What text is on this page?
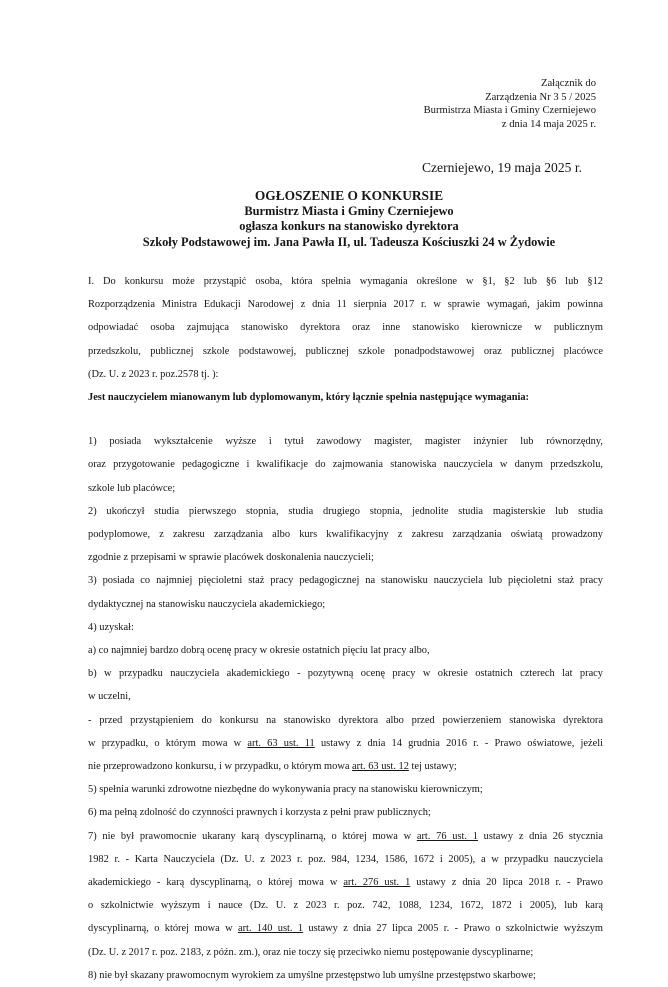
Załącznik do
Zarządzenia Nr 3 5 / 2025
Burmistrza Miasta i Gminy Czerniejewo
z dnia 14 maja 2025 r.
Czerniejewo, 19 maja 2025 r.
OGŁOSZENIE O KONKURSIE
Burmistrz Miasta i Gminy Czerniejewo
ogłasza konkurs na stanowisko dyrektora
Szkoły Podstawowej im. Jana Pawła II, ul. Tadeusza Kościuszki 24 w Żydowie

I. Do konkursu może przystąpić osoba, która spełnia wymagania określone w §1, §2 lub §6 lub §12

Rozporządzenia Ministra Edukacji Narodowej z dnia 11 sierpnia 2017 r. w sprawie wymagań, jakim powinna

odpowiadać osoba zajmująca stanowisko dyrektora oraz inne stanowisko kierownicze w publicznym

przedszkolu, publicznej szkole podstawowej, publicznej szkole ponadpodstawowej oraz publicznej placówce

(Dz. U. z 2023 r. poz.2578 tj. ):

Jest nauczycielem mianowanym lub dyplomowanym, który łącznie spełnia następujące wymagania:

1) posiada wykształcenie wyższe i tytuł zawodowy magister, magister inżynier lub równorzędny,

oraz przygotowanie pedagogiczne i kwalifikacje do zajmowania stanowiska nauczyciela w danym przedszkolu,

szkole lub placówce;

2) ukończył studia pierwszego stopnia, studia drugiego stopnia, jednolite studia magisterskie lub studia

podyplomowe, z zakresu zarządzania albo kurs kwalifikacyjny z zakresu zarządzania oświatą prowadzony

zgodnie z przepisami w sprawie placówek doskonalenia nauczycieli;

3) posiada co najmniej pięcioletni staż pracy pedagogicznej na stanowisku nauczyciela lub pięcioletni staż pracy

dydaktycznej na stanowisku nauczyciela akademickiego;

4) uzyskał:

a) co najmniej bardzo dobrą ocenę pracy w okresie ostatnich pięciu lat pracy albo,

b) w przypadku nauczyciela akademickiego - pozytywną ocenę pracy w okresie ostatnich czterech lat pracy

w uczelni,

- przed przystąpieniem do konkursu na stanowisko dyrektora albo przed powierzeniem stanowiska dyrektora

w przypadku, o którym mowa w art. 63 ust. 11 ustawy z dnia 14 grudnia 2016 r. - Prawo oświatowe, jeżeli

nie przeprowadzono konkursu, i w przypadku, o którym mowa art. 63 ust. 12 tej ustawy;

5) spełnia warunki zdrowotne niezbędne do wykonywania pracy na stanowisku kierowniczym;

6) ma pełną zdolność do czynności prawnych i korzysta z pełni praw publicznych;

7) nie był prawomocnie ukarany karą dyscyplinarną, o której mowa w art. 76 ust. 1 ustawy z dnia 26 stycznia

1982 r. - Karta Nauczyciela (Dz. U. z 2023 r. poz. 984, 1234, 1586, 1672 i 2005), a w przypadku nauczyciela

akademickiego - karą dyscyplinarną, o której mowa w art. 276 ust. 1 ustawy z dnia 20 lipca 2018 r. - Prawo

o szkolnictwie wyższym i nauce (Dz. U. z 2023 r. poz. 742, 1088, 1234, 1672, 1872 i 2005), lub karą

dyscyplinarną, o której mowa w art. 140 ust. 1 ustawy z dnia 27 lipca 2005 r. - Prawo o szkolnictwie wyższym

(Dz. U. z 2017 r. poz. 2183, z późn. zm.), oraz nie toczy się przeciwko niemu postępowanie dyscyplinarne;

8) nie był skazany prawomocnym wyrokiem za umyślne przestępstwo lub umyślne przestępstwo skarbowe;
